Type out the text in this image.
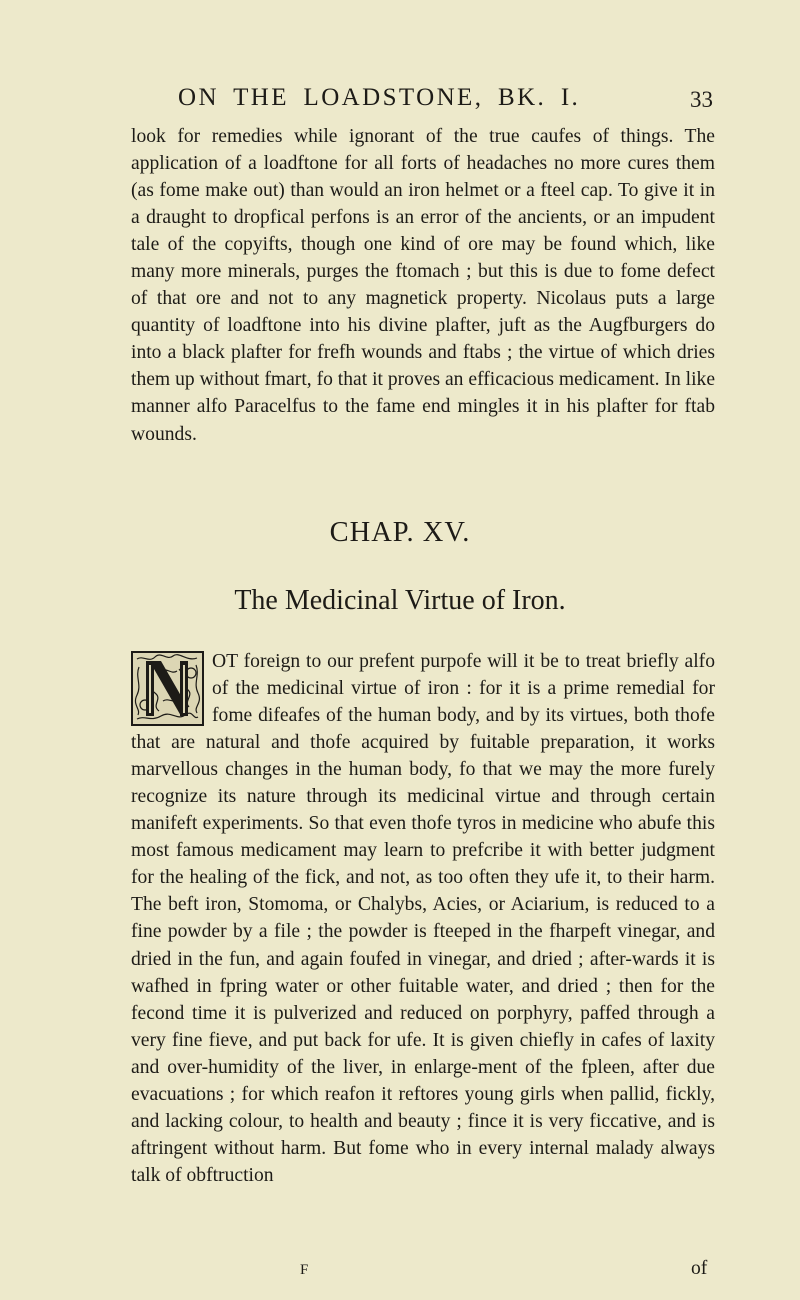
ON THE LOADSTONE, BK. I.	33

look for remedies while ignorant of the true caufes of things. The application of a loadftone for all forts of headaches no more cures them (as fome make out) than would an iron helmet or a fteel cap. To give it in a draught to dropfical perfons is an error of the ancients, or an impudent tale of the copyifts, though one kind of ore may be found which, like many more minerals, purges the ftomach ; but this is due to fome defect of that ore and not to any magnetick property. Nicolaus puts a large quantity of loadftone into his divine plafter, juft as the Augfburgers do into a black plafter for frefh wounds and ftabs ; the virtue of which dries them up without fmart, fo that it proves an efficacious medicament. In like manner alfo Paracelfus to the fame end mingles it in his plafter for ftab wounds.

CHAP. XV.
The Medicinal Virtue of Iron.

OT foreign to our prefent purpofe will it be to treat briefly alfo of the medicinal virtue of iron : for it is a prime remedial for fome difeafes of the human body, and by its virtues, both thofe that are natural and thofe acquired by fuitable preparation, it works marvellous changes in the human body, fo that we may the more furely recognize its nature through its medicinal virtue and through certain manifeft experiments. So that even thofe tyros in medicine who abufe this most famous medicament may learn to prefcribe it with better judgment for the healing of the fick, and not, as too often they ufe it, to their harm. The beft iron, Stomoma, or Chalybs, Acies, or Aciarium, is reduced to a fine powder by a file ; the powder is fteeped in the fharpeft vinegar, and dried in the fun, and again foufed in vinegar, and dried ; after-wards it is wafhed in fpring water or other fuitable water, and dried ; then for the fecond time it is pulverized and reduced on porphyry, paffed through a very fine fieve, and put back for ufe. It is given chiefly in cafes of laxity and over-humidity of the liver, in enlarge-ment of the fpleen, after due evacuations ; for which reafon it reftores young girls when pallid, fickly, and lacking colour, to health and beauty ; fince it is very ficcative, and is aftringent without harm. But fome who in every internal malady always talk of obftruction

F	of
